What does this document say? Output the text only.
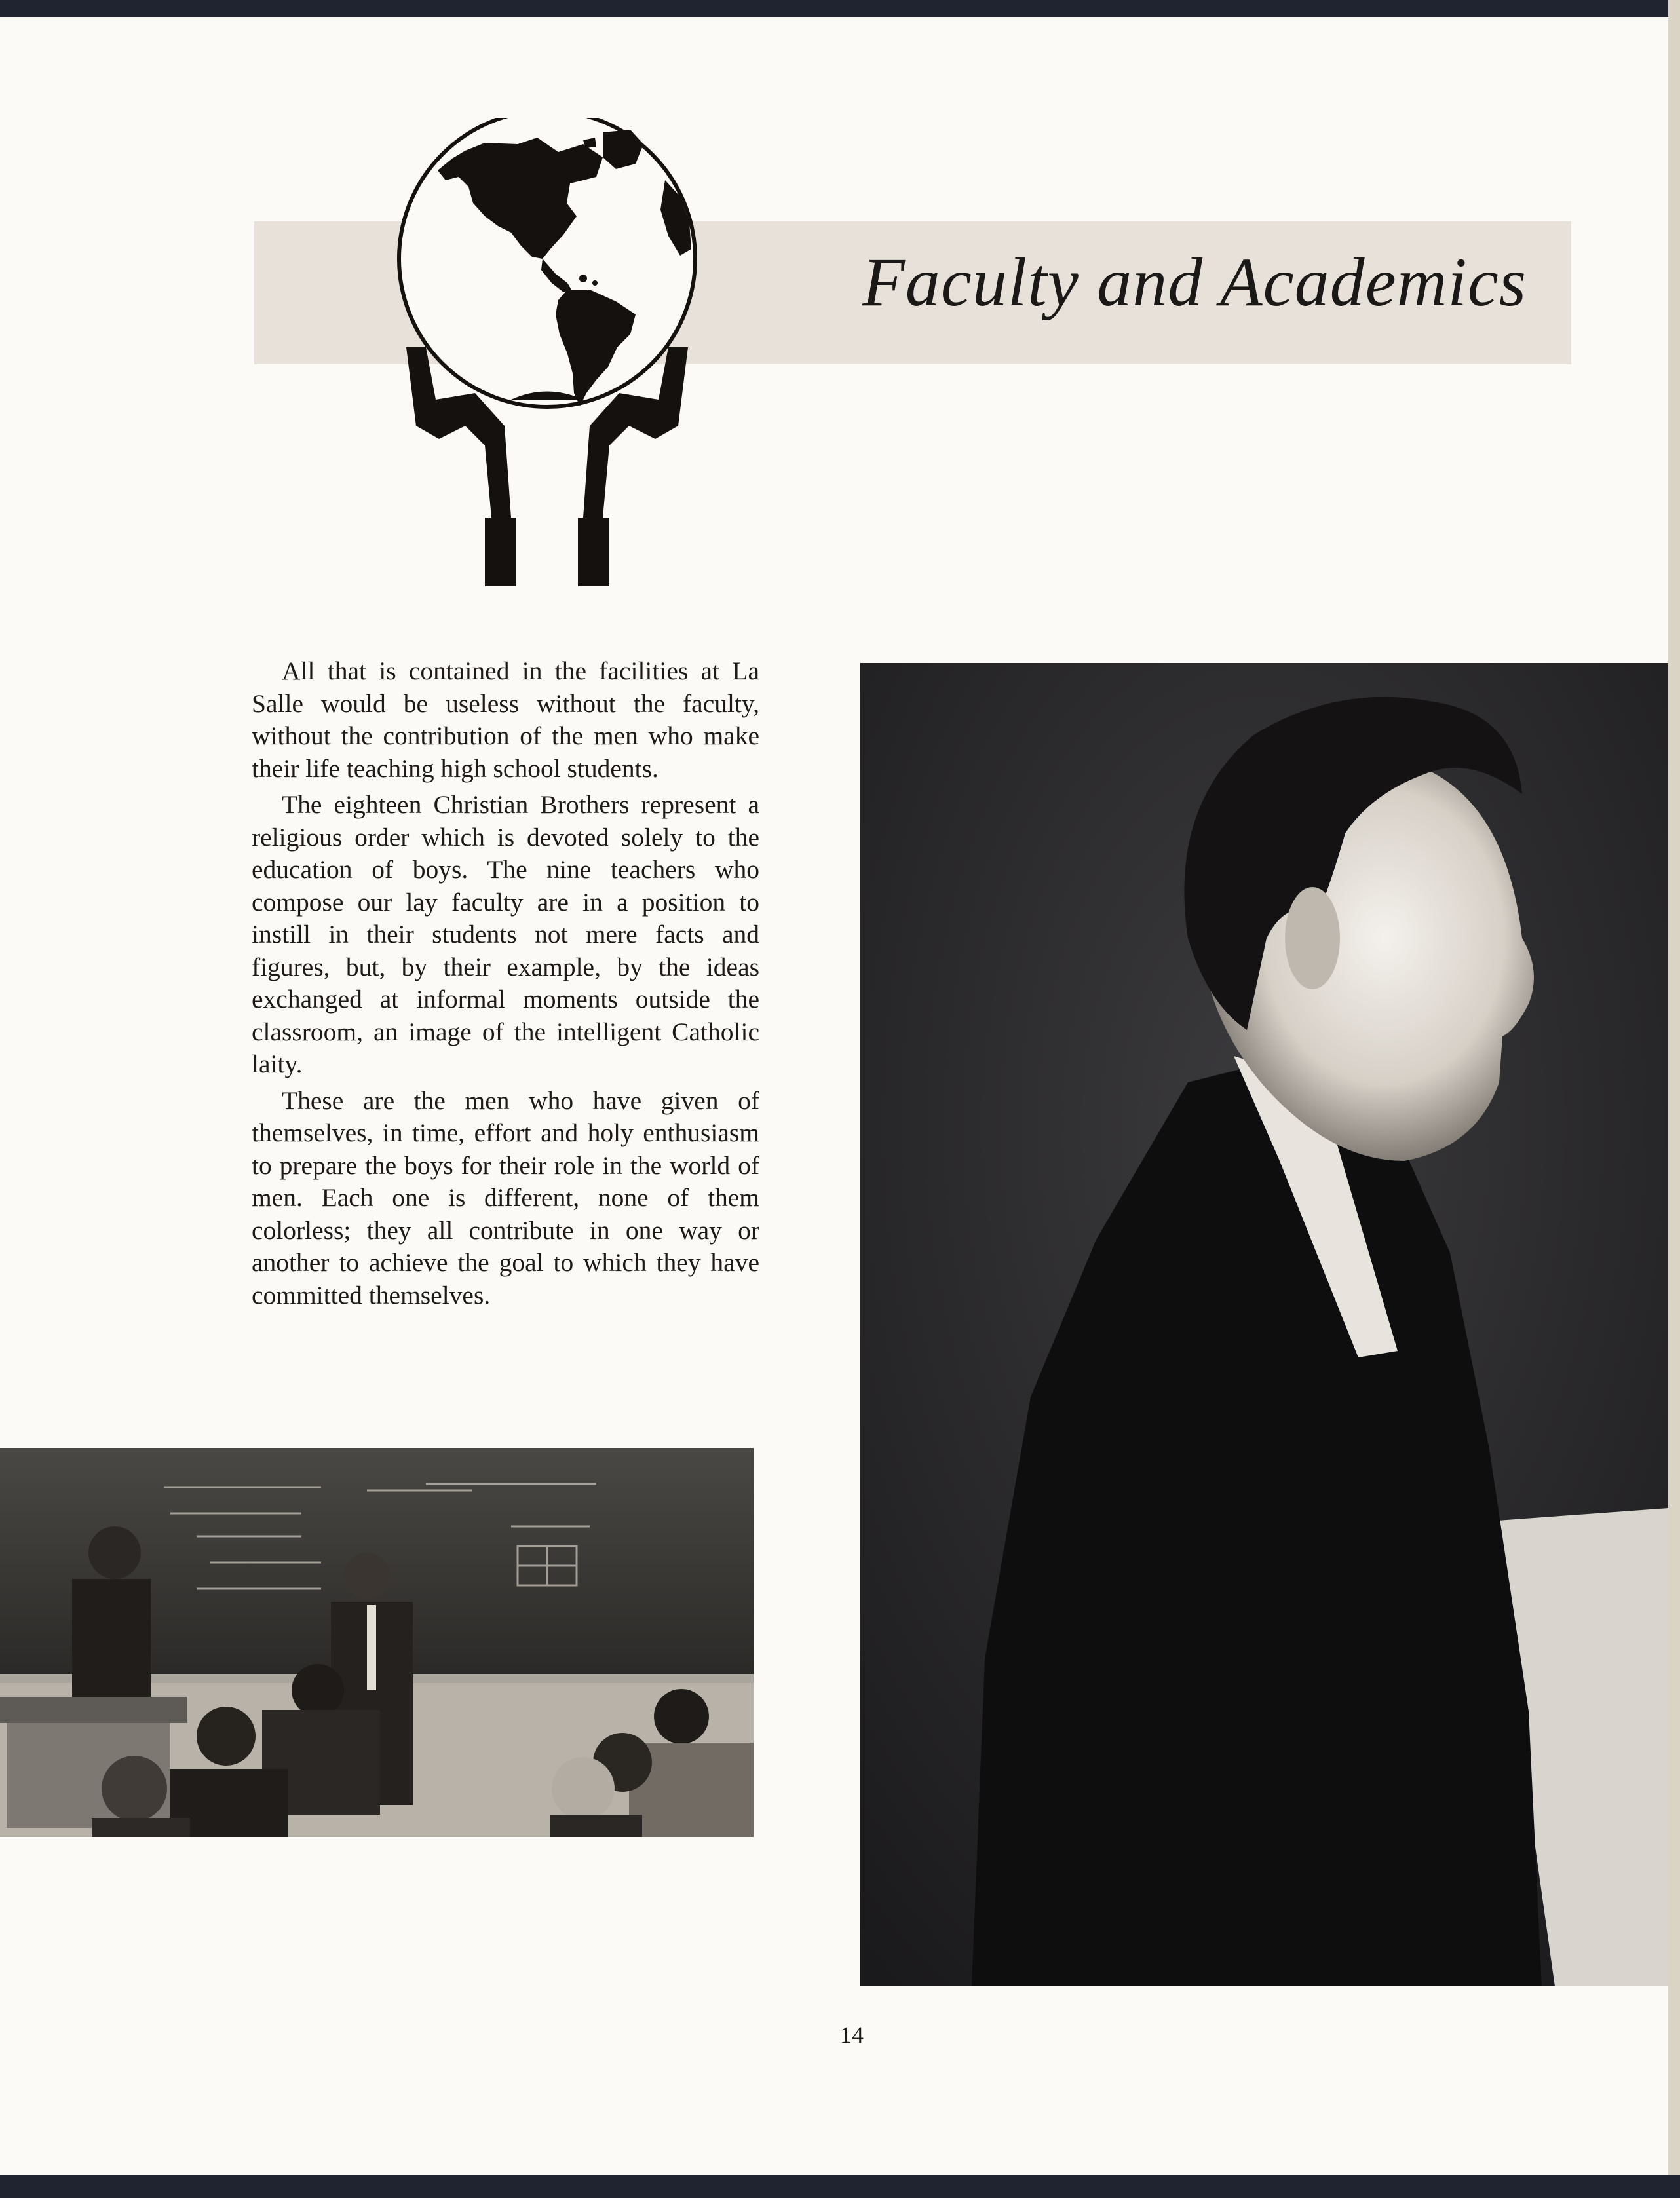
Faculty and Academics

All that is contained in the facilities at La Salle would be useless without the faculty, without the contribution of the men who make their life teaching high school students.

The eighteen Christian Brothers represent a religious order which is devoted solely to the education of boys. The nine teachers who compose our lay faculty are in a position to instill in their students not mere facts and figures, but, by their example, by the ideas exchanged at informal moments outside the classroom, an image of the intelligent Catholic laity.

These are the men who have given of themselves, in time, effort and holy enthusiasm to prepare the boys for their role in the world of men. Each one is different, none of them colorless; they all contribute in one way or another to achieve the goal to which they have committed themselves.

14
